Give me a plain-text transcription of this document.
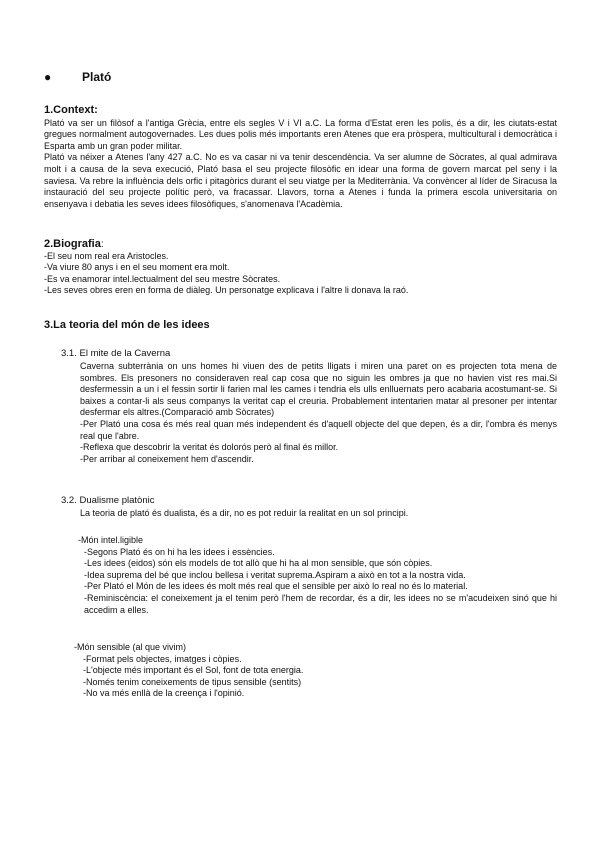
●	Plató
1.Context:
Plató va ser un filòsof a l'antiga Grècia, entre els segles V i VI a.C. La forma d'Estat eren les polis, és a dir, les ciutats-estat gregues normalment autogovernades. Les dues polis més importants eren Atenes que era pròspera, multicultural i democràtica i Esparta amb un gran poder militar.
Plató va néixer a Atenes l'any 427 a.C. No es va casar ni va tenir descendència. Va ser alumne de Sòcrates, al qual admirava molt i a causa de la seva execució, Plató basa el seu projecte filosòfic en idear una forma de govern marcat pel seny i la saviesa. Va rebre la influència dels orfic i pitagòrics durant el seu viatge per la Mediterrània. Va convèncer al líder de Siracusa la instauració del seu projecte polític però, va fracassar. Llavors, torna a Atenes i funda la primera escola universitaria on ensenyava i debatia les seves idees filosòfiques, s'anomenava l'Acadèmia.
2.Biografia:
-El seu nom real era Aristocles.
-Va viure 80 anys i en el seu moment era molt.
-Es va enamorar intel.lectualment del seu mestre Sòcrates.
-Les seves obres eren en forma de diàleg. Un personatge explicava i l'altre li donava la raó.
3.La teoria del món de les idees
3.1. El mite de la Caverna
Caverna subterrània on uns homes hi viuen des de petits lligats i miren una paret on es projecten tota mena de sombres. Els presoners no consideraven real cap cosa que no siguin les ombres ja que no havien vist res mai.Si desfermessin a un i el fessin sortir li farien mal les cames i tendria els ulls enlluernats pero acabaria acostumant-se. Si baixes a contar-li als seus companys la veritat cap el creuria. Probablement intentarien matar al presoner per intentar desfermar els altres.(Comparació amb Sòcrates)
-Per Plató una cosa és més real quan més independent és d'aquell objecte del que depen, és a dir, l'ombra és menys real que l'abre.
-Reflexa que descobrir la veritat és dolorós però al final és millor.
-Per arribar al coneixement hem d'ascendir.
3.2. Dualisme platònic
La teoria de plató és dualista, és a dir, no es pot reduir la realitat en un sol principi.
-Món intel.ligible
-Segons Plató és on hi ha les idees i essències.
-Les idees (eidos) són els models de tot allò que hi ha al mon sensible, que són còpies.
-Idea suprema del bé que inclou bellesa i veritat suprema.Aspiram a això en tot a la nostra vida.
-Per Plató el Món de les idees és molt més real que el sensible per això lo real no és lo material.
-Reminiscència: el coneixement ja el tenim però l'hem de recordar, és a dir, les idees no se m'acudeixen sinó que hi accedim a elles.
-Món sensible (al que vivim)
-Format pels objectes, imatges i còpies.
-L'objecte més important és el Sol, font de tota energia.
-Només tenim coneixements de tipus sensible (sentits)
-No va més enllà de la creença i l'opinió.
